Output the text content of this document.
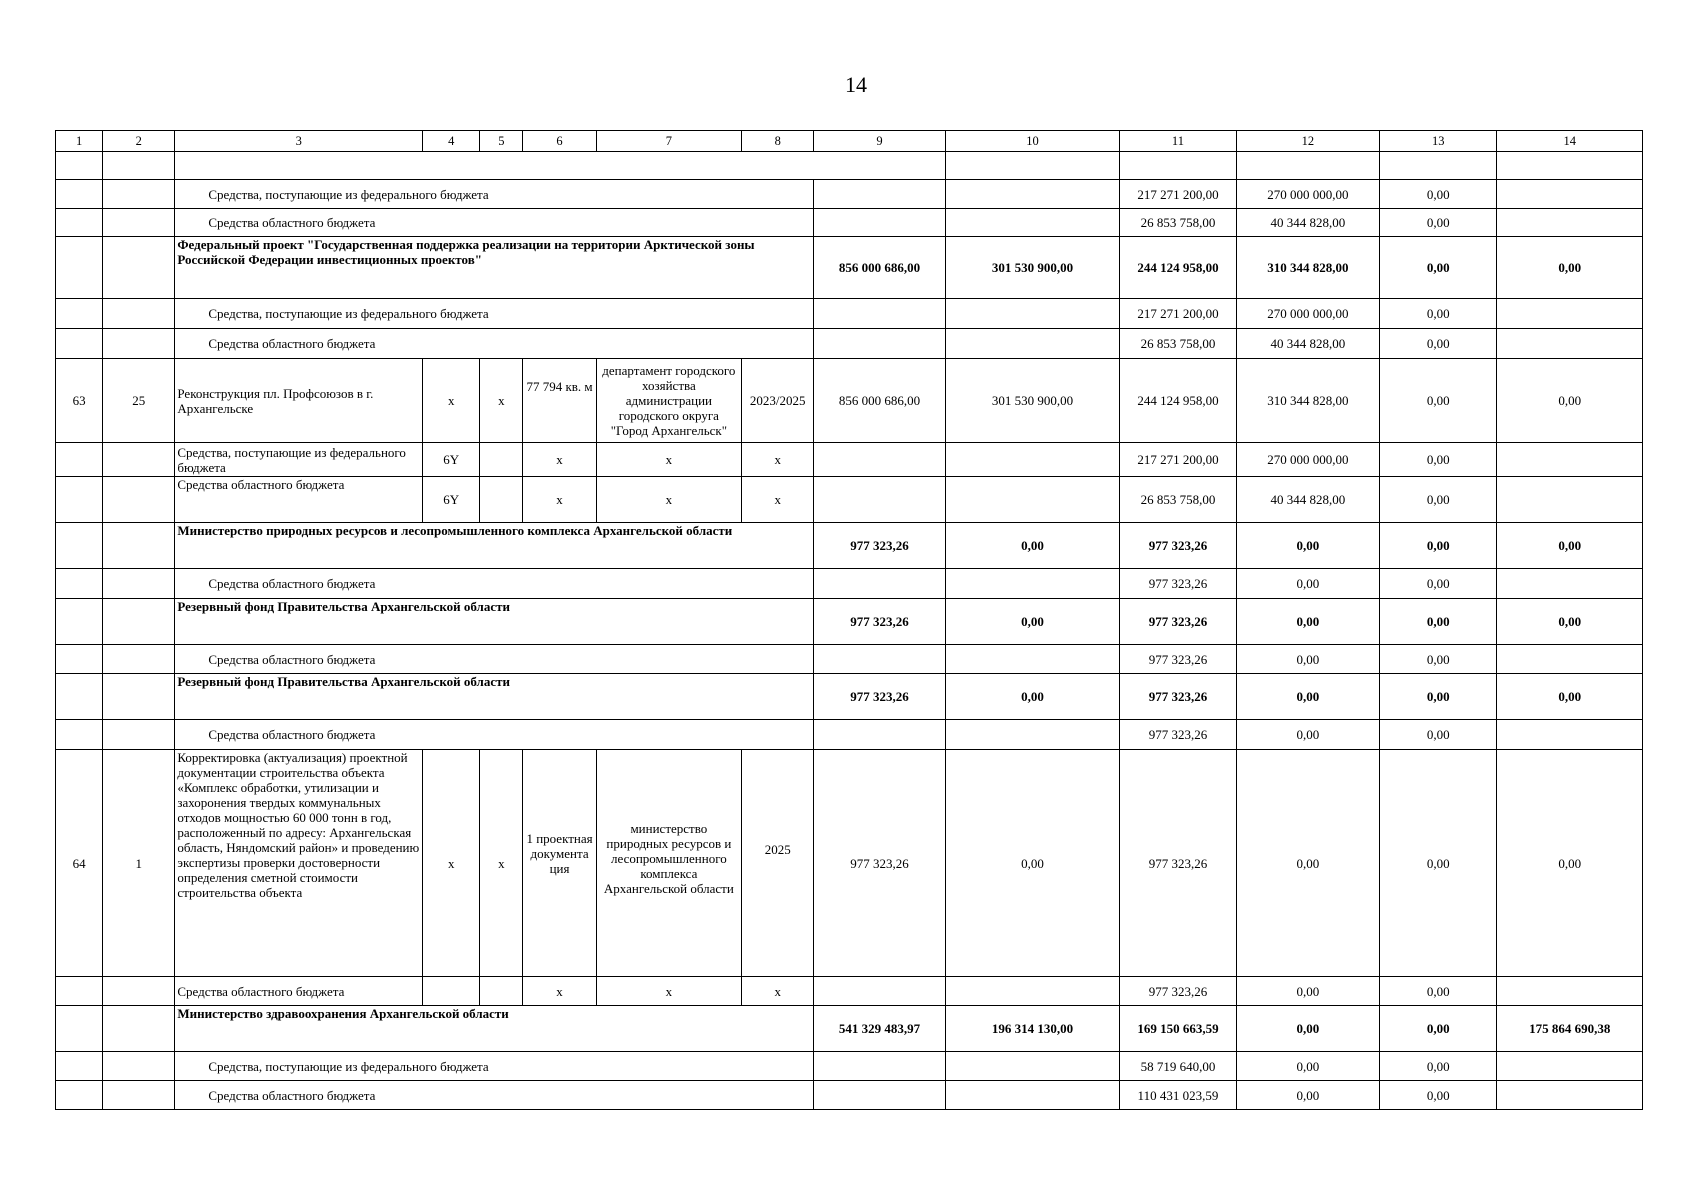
14
1	2	3	4	5	6	7	8	9	10	11	12	13	14

		Средства, поступающие из федерального бюджета								217 271 200,00	270 000 000,00	0,00	
		Средства областного бюджета								26 853 758,00	40 344 828,00	0,00	
		Федеральный проект "Государственная поддержка реализации на территории Арктической зоны Российской Федерации инвестиционных проектов"						856 000 686,00	301 530 900,00	244 124 958,00	310 344 828,00	0,00	0,00
		Средства, поступающие из федерального бюджета								217 271 200,00	270 000 000,00	0,00	
		Средства областного бюджета								26 853 758,00	40 344 828,00	0,00	
63	25	Реконструкция пл. Профсоюзов в г. Архангельске	х	х	77 794 кв. м	департамент городского хозяйства администрации городского округа "Город Архангельск"	2023/2025	856 000 686,00	301 530 900,00	244 124 958,00	310 344 828,00	0,00	0,00
		Средства, поступающие из федерального бюджета	6Y		х	х	х			217 271 200,00	270 000 000,00	0,00	
		Средства областного бюджета	6Y		х	х	х			26 853 758,00	40 344 828,00	0,00	
		Министерство природных ресурсов и лесопромышленного комплекса Архангельской области						977 323,26	0,00	977 323,26	0,00	0,00	0,00
		Средства областного бюджета								977 323,26	0,00	0,00	
		Резервный фонд Правительства Архангельской области						977 323,26	0,00	977 323,26	0,00	0,00	0,00
		Средства областного бюджета								977 323,26	0,00	0,00	
		Резервный фонд Правительства Архангельской области						977 323,26	0,00	977 323,26	0,00	0,00	0,00
		Средства областного бюджета								977 323,26	0,00	0,00	
64	1	Корректировка (актуализация) проектной документации строительства объекта «Комплекс обработки, утилизации и захоронения твердых коммунальных отходов мощностью 60 000 тонн в год, расположенный по адресу: Архангельская область, Няндомский район» и проведению экспертизы проверки достоверности определения сметной стоимости строительства объекта	х	х	1 проектная документа ция	министерство природных ресурсов и лесопромышленного комплекса Архангельской области	2025	977 323,26	0,00	977 323,26	0,00	0,00	0,00
		Средства областного бюджета			х	х	х			977 323,26	0,00	0,00	
		Министерство здравоохранения Архангельской области						541 329 483,97	196 314 130,00	169 150 663,59	0,00	0,00	175 864 690,38
		Средства, поступающие из федерального бюджета								58 719 640,00	0,00	0,00	
		Средства областного бюджета								110 431 023,59	0,00	0,00	
